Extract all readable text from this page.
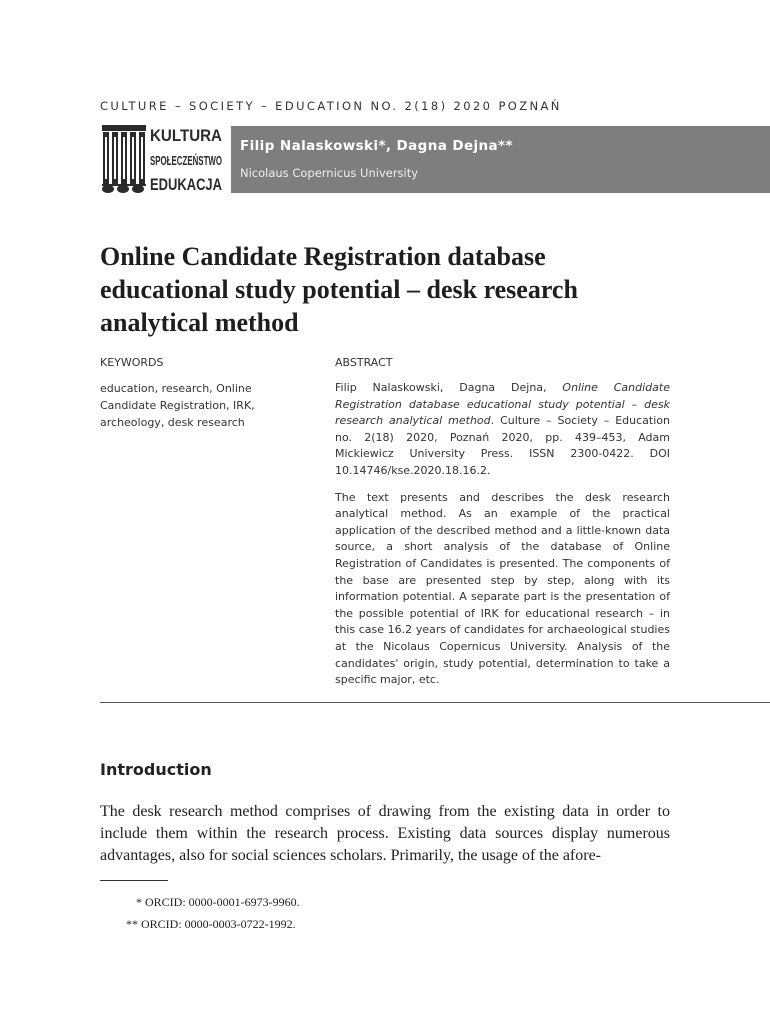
CULTURE – SOCIETY – EDUCATION NO. 2(18) 2020 POZNAŃ
KULTURA
SPOŁECZEŃSTWO
EDUKACJA
Filip Nalaskowski*, Dagna Dejna**
Nicolaus Copernicus University
Online Candidate Registration database educational study potential – desk research analytical method
KEYWORDS	ABSTRACT
education, research, Online Candidate Registration, IRK, archeology, desk research

Filip Nalaskowski, Dagna Dejna, Online Candidate Registration database educational study potential – desk research analytical method. Culture – Society – Education no. 2(18) 2020, Poznań 2020, pp. 439–453, Adam Mickiewicz University Press. ISSN 2300-0422. DOI 10.14746/kse.2020.18.16.2.

The text presents and describes the desk research analytical method. As an example of the practical application of the described method and a little-known data source, a short analysis of the database of Online Registration of Candidates is presented. The components of the base are presented step by step, along with its information potential. A separate part is the presentation of the possible potential of IRK for educational research – in this case 16.2 years of candidates for archaeological studies at the Nicolaus Copernicus University. Analysis of the candidates' origin, study potential, determination to take a specific major, etc.

Introduction

The desk research method comprises of drawing from the existing data in order to include them within the research process. Existing data sources display numerous advantages, also for social sciences scholars. Primarily, the usage of the afore-

* ORCID: 0000-0001-6973-9960.
** ORCID: 0000-0003-0722-1992.
